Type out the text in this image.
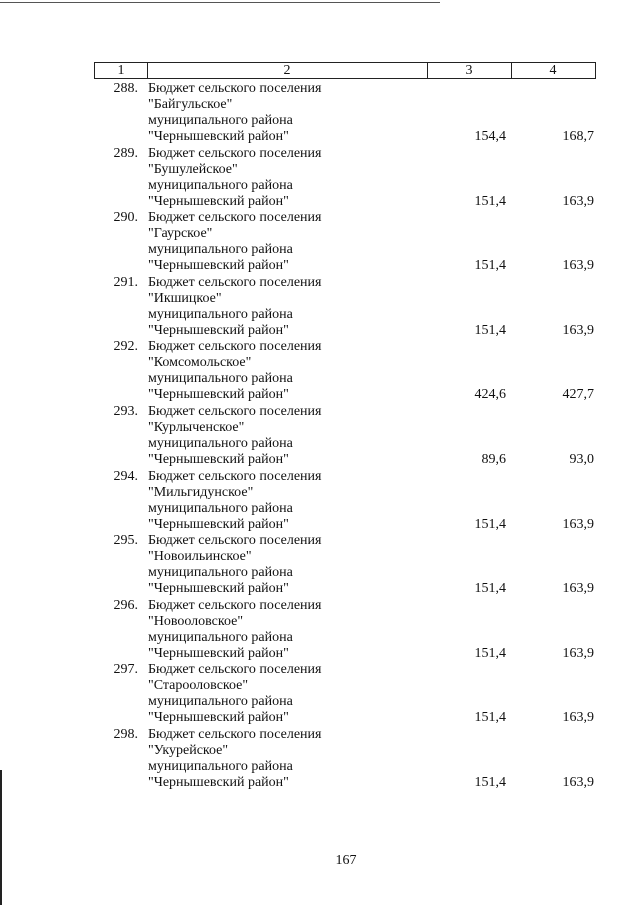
1	2	3	4
288. Бюджет сельского поселения
"Байгульское"
муниципального района
"Чернышевский район"	154,4	168,7
289. Бюджет сельского поселения
"Бушулейское"
муниципального района
"Чернышевский район"	151,4	163,9
290. Бюджет сельского поселения
"Гаурское"
муниципального района
"Чернышевский район"	151,4	163,9
291. Бюджет сельского поселения
"Икшицкое"
муниципального района
"Чернышевский район"	151,4	163,9
292. Бюджет сельского поселения
"Комсомольское"
муниципального района
"Чернышевский район"	424,6	427,7
293. Бюджет сельского поселения
"Курлыченское"
муниципального района
"Чернышевский район"	89,6	93,0
294. Бюджет сельского поселения
"Мильгидунское"
муниципального района
"Чернышевский район"	151,4	163,9
295. Бюджет сельского поселения
"Новоильинское"
муниципального района
"Чернышевский район"	151,4	163,9
296. Бюджет сельского поселения
"Новооловское"
муниципального района
"Чернышевский район"	151,4	163,9
297. Бюджет сельского поселения
"Старооловское"
муниципального района
"Чернышевский район"	151,4	163,9
298. Бюджет сельского поселения
"Укурейское"
муниципального района
"Чернышевский район"	151,4	163,9
167
